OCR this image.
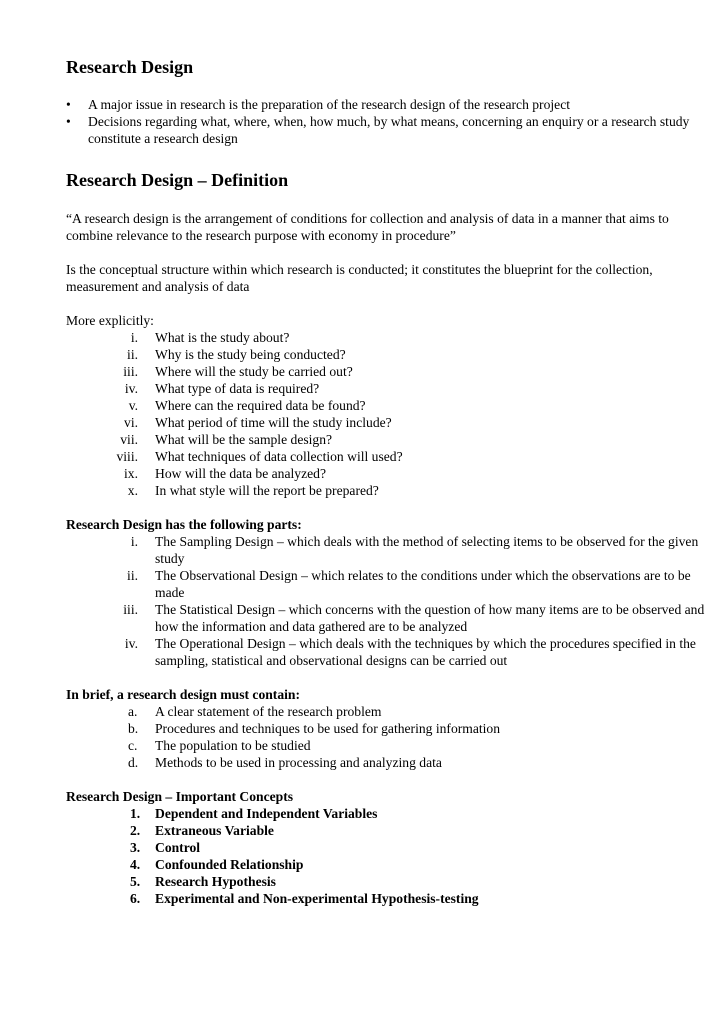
Research Design
• A major issue in research is the preparation of the research design of the research project
• Decisions regarding what, where, when, how much, by what means, concerning an enquiry or a research study constitute a research design
Research Design – Definition

“A research design is the arrangement of conditions for collection and analysis of data in a manner that aims to combine relevance to the research purpose with economy in procedure”

Is the conceptual structure within which research is conducted; it constitutes the blueprint for the collection, measurement and analysis of data

More explicitly:

i. What is the study about?
ii. Why is the study being conducted?
iii. Where will the study be carried out?
iv. What type of data is required?
v. Where can the required data be found?
vi. What period of time will the study include?
vii. What will be the sample design?
viii. What techniques of data collection will used?
ix. How will the data be analyzed?
x. In what style will the report be prepared?

Research Design has the following parts:

i. The Sampling Design – which deals with the method of selecting items to be observed for the given study
ii. The Observational Design – which relates to the conditions under which the observations are to be made
iii. The Statistical Design – which concerns with the question of how many items are to be observed and how the information and data gathered are to be analyzed
iv. The Operational Design – which deals with the techniques by which the procedures specified in the sampling, statistical and observational designs can be carried out

In brief, a research design must contain:

a.	A clear statement of the research problem
b.	Procedures and techniques to be used for gathering information
c.	The population to be studied
d.	Methods to be used in processing and analyzing data

Research Design – Important Concepts

1.	Dependent and Independent Variables
2.	Extraneous Variable
3.	Control
4.	Confounded Relationship
5.	Research Hypothesis
6.	Experimental and Non-experimental Hypothesis-testing
